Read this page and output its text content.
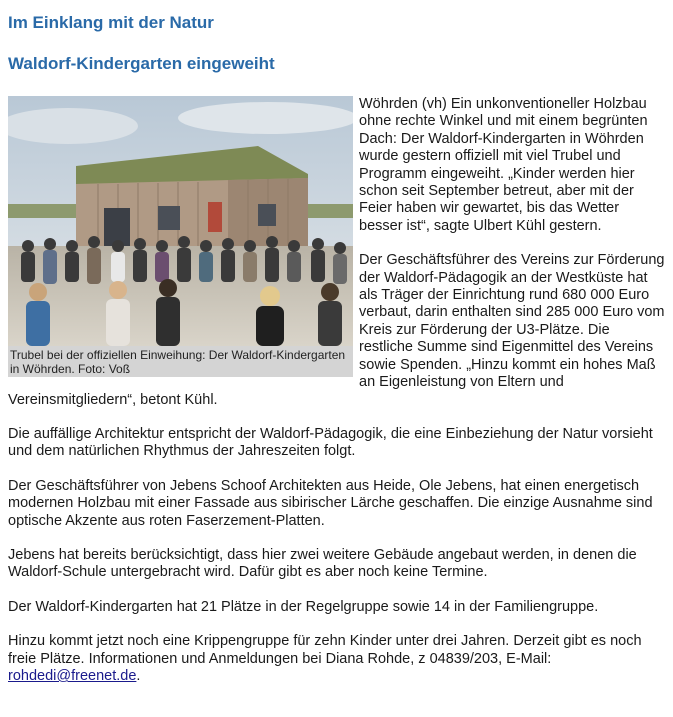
Im Einklang mit der Natur
Waldorf-Kindergarten eingeweiht
Trubel bei der offiziellen Einweihung: Der Waldorf-Kindergarten in Wöhrden. Foto: Voß

Wöhrden (vh) Ein unkonventioneller Holzbau ohne rechte Winkel und mit einem begrünten Dach: Der Waldorf-Kindergarten in Wöhrden wurde gestern offiziell mit viel Trubel und Programm eingeweiht. „Kinder werden hier schon seit September betreut, aber mit der Feier haben wir gewartet, bis das Wetter besser ist“, sagte Ulbert Kühl gestern.

Der Geschäftsführer des Vereins zur Förderung der Waldorf-Pädagogik an der Westküste hat als Träger der Einrichtung rund 680 000 Euro verbaut, darin enthalten sind 285 000 Euro vom Kreis zur Förderung der U3-Plätze. Die restliche Summe sind Eigenmittel des Vereins sowie Spenden. „Hinzu kommt ein hohes Maß an Eigenleistung von Eltern und Vereinsmitgliedern“, betont Kühl.

Die auffällige Architektur entspricht der Waldorf-Pädagogik, die eine Einbeziehung der Natur vorsieht und dem natürlichen Rhythmus der Jahreszeiten folgt.

Der Geschäftsführer von Jebens Schoof Architekten aus Heide, Ole Jebens, hat einen energetisch modernen Holzbau mit einer Fassade aus sibirischer Lärche geschaffen. Die einzige Ausnahme sind optische Akzente aus roten Faserzement-Platten.

Jebens hat bereits berücksichtigt, dass hier zwei weitere Gebäude angebaut werden, in denen die Waldorf-Schule untergebracht wird. Dafür gibt es aber noch keine Termine.

Der Waldorf-Kindergarten hat 21 Plätze in der Regelgruppe sowie 14 in der Familiengruppe.

Hinzu kommt jetzt noch eine Krippengruppe für zehn Kinder unter drei Jahren. Derzeit gibt es noch freie Plätze. Informationen und Anmeldungen bei Diana Rohde, z 04839/203, E-Mail: rohdedi@freenet.de.
